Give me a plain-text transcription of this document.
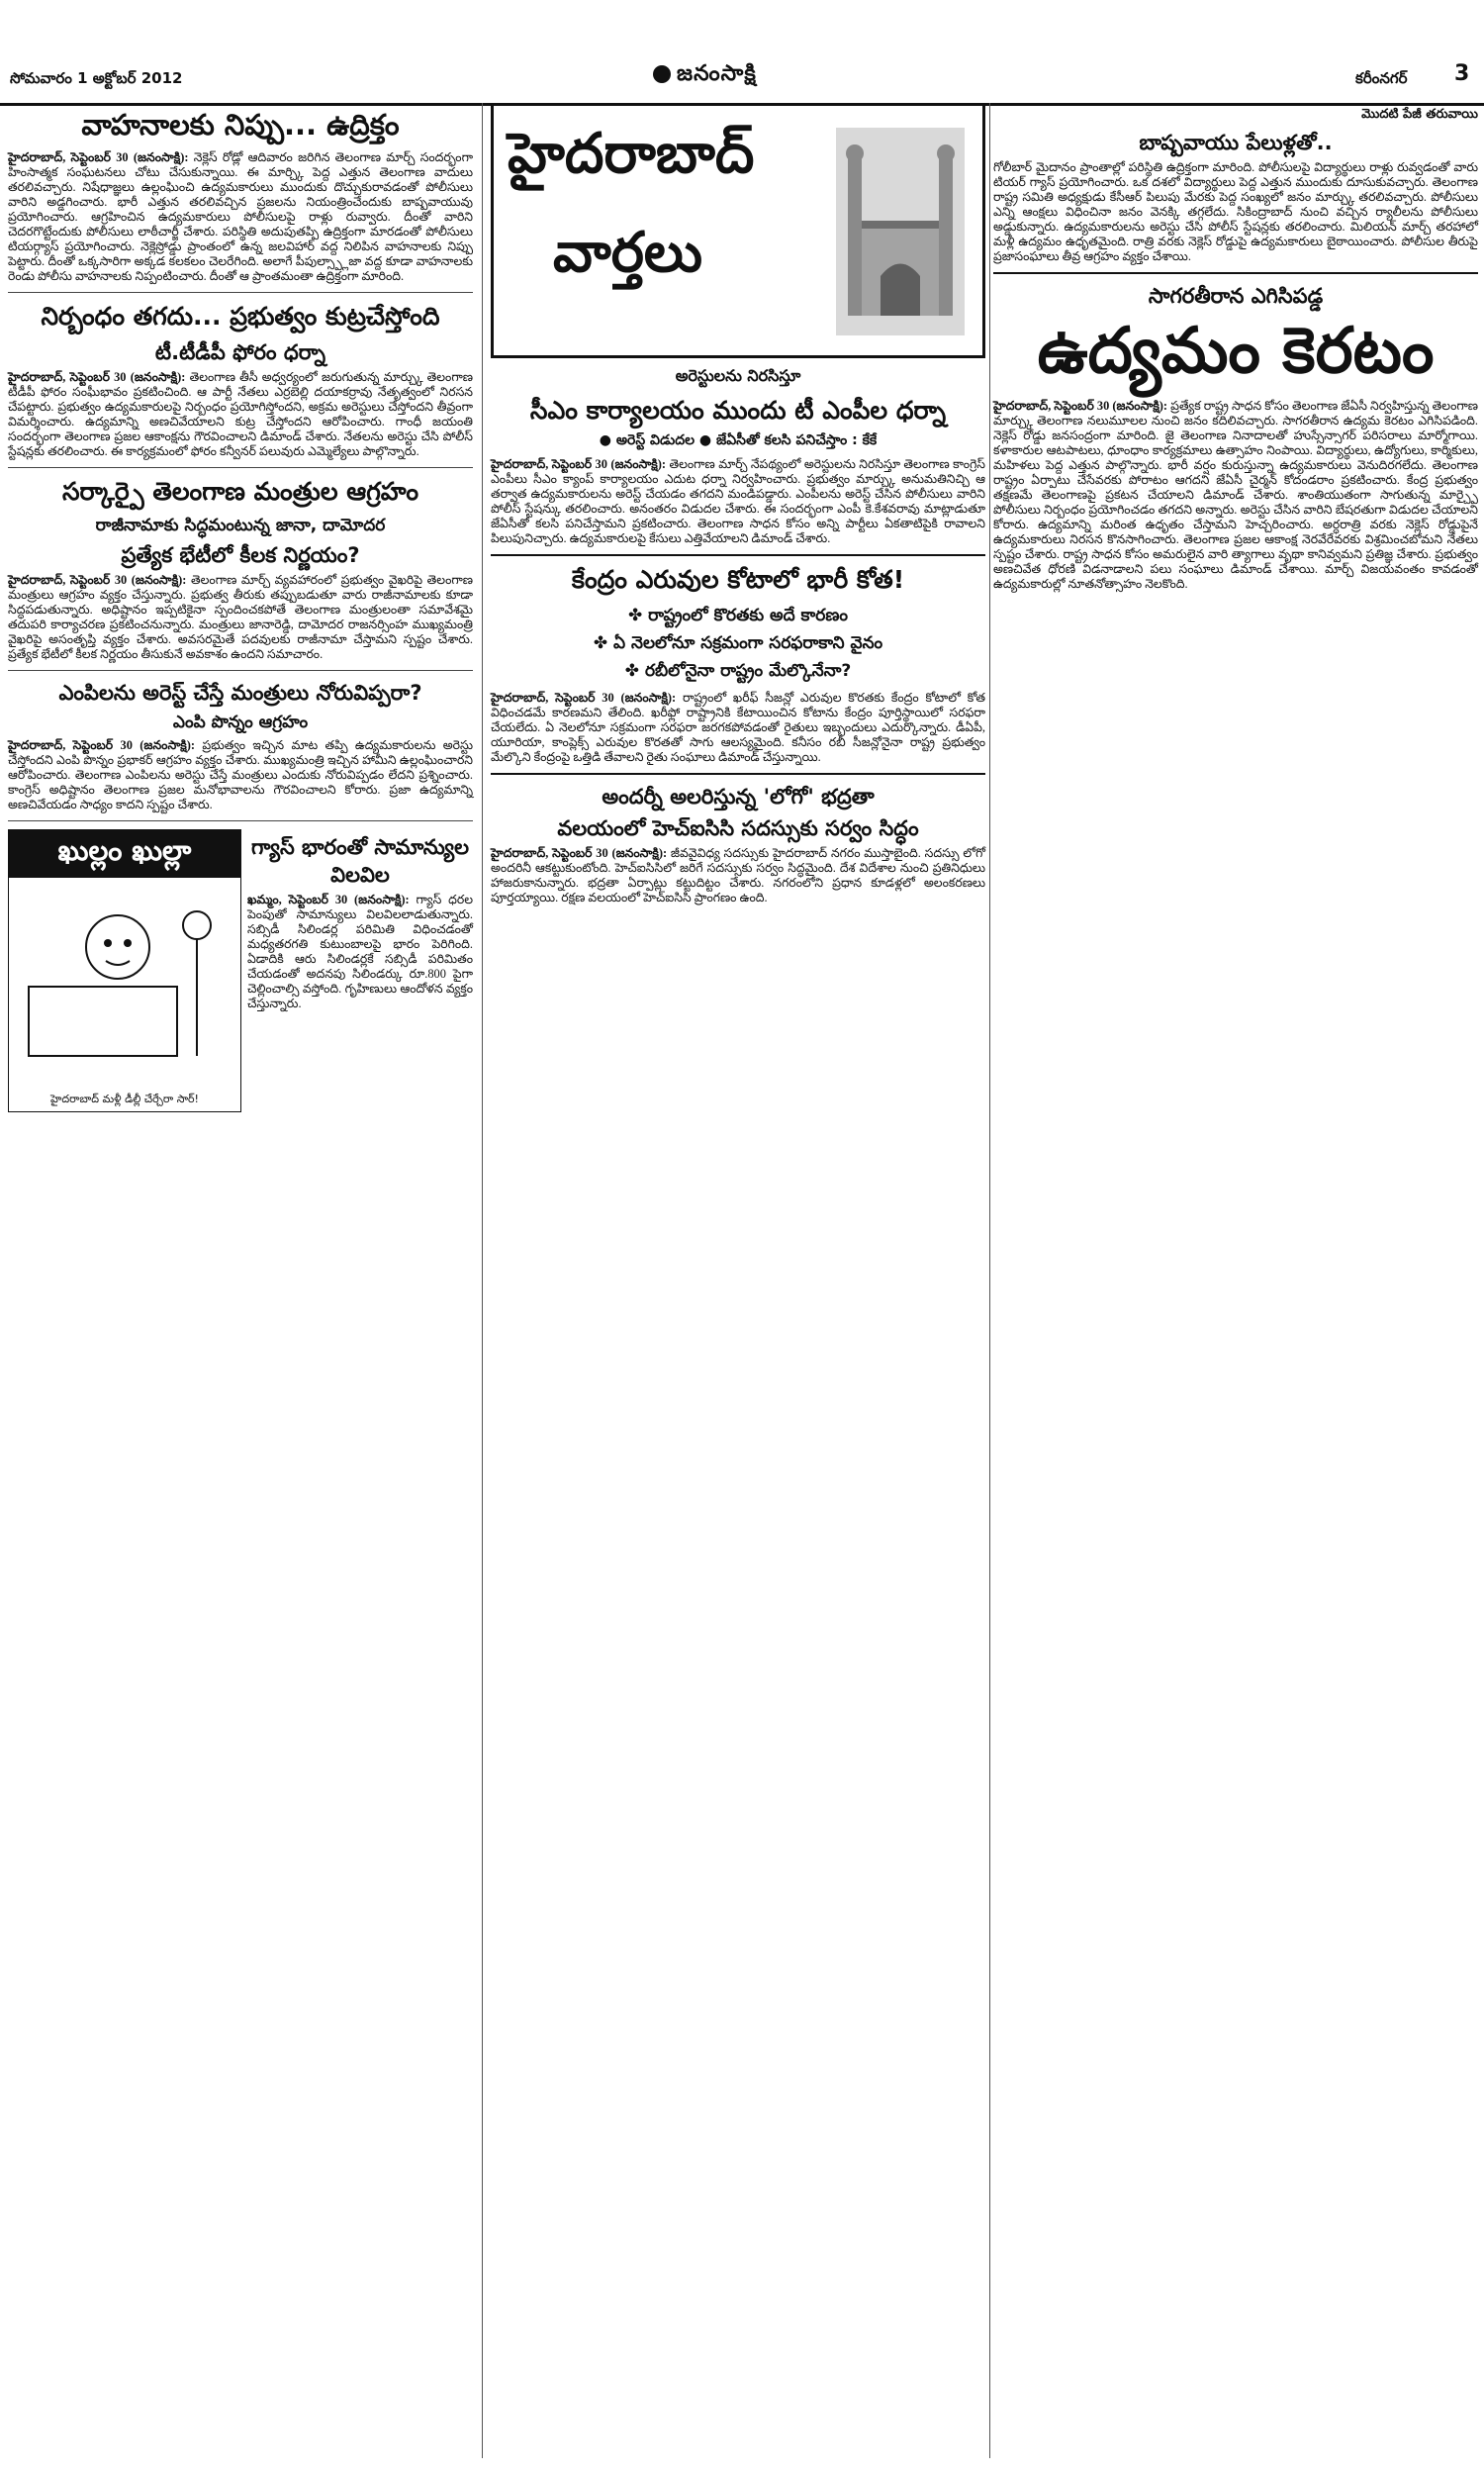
సోమవారం 1 అక్టోబర్ 2012	జనంసాక్షి	కరీంనగర్ 3
వాహనాలకు నిప్పు... ఉద్రిక్తం

హైదరాబాద్, సెప్టెంబర్ 30 (జనంసాక్షి): నెక్లెస్ రోడ్లో ఆదివారం జరిగిన తెలంగాణ మార్చ్ సందర్భంగా హింసాత్మక సంఘటనలు చోటు చేసుకున్నాయి. ఈ మార్చ్కి పెద్ద ఎత్తున తెలంగాణ వాదులు తరలివచ్చారు. నిషేధాజ్ఞలు ఉల్లంఘించి ఉద్యమకారులు ముందుకు దొచ్చుకురావడంతో పోలీసులు వారిని అడ్డగించారు. భారీ ఎత్తున తరలివచ్చిన ప్రజలను నియంత్రించేందుకు బాష్పవాయువు ప్రయోగించారు. ఆగ్రహించిన ఉద్యమకారులు పోలీసులపై రాళ్లు రువ్వారు. దీంతో వారిని చెదరగొట్టేందుకు పోలీసులు లాఠీచార్జీ చేశారు. పరిస్థితి అదుపుతప్పి ఉద్రిక్తంగా మారడంతో పోలీసులు టియర్గ్యాస్ ప్రయోగించారు. నెక్లెస్రోడ్డు ప్రాంతంలో ఉన్న జలవిహార్ వద్ద నిలిపిన వాహనాలకు నిప్పు పెట్టారు. దీంతో ఒక్కసారిగా అక్కడ కలకలం చెలరేగింది. అలాగే పీపుల్స్ప్లాజా వద్ద కూడా వాహనాలకు రెండు పోలీసు వాహనాలకు నిప్పంటించారు. దీంతో ఆ ప్రాంతమంతా ఉద్రిక్తంగా మారింది.

నిర్బంధం తగదు... ప్రభుత్వం కుట్రచేస్తోంది
టీ.టీడీపీ ఫోరం ధర్నా

హైదరాబాద్, సెప్టెంబర్ 30 (జనంసాక్షి): తెలంగాణ తీసీ అధ్వర్యంలో జరుగుతున్న మార్చ్కు తెలంగాణ టీడీపీ ఫోరం సంఘీభావం ప్రకటించింది. ఆ పార్టీ నేతలు ఎర్రబెల్లి దయాకర్రావు నేతృత్వంలో నిరసన చేపట్టారు. ప్రభుత్వం ఉద్యమకారులపై నిర్బంధం ప్రయోగిస్తోందని, అక్రమ అరెస్టులు చేస్తోందని తీవ్రంగా విమర్శించారు. ఉద్యమాన్ని అణచివేయాలని కుట్ర చేస్తోందని ఆరోపించారు. గాంధీ జయంతి సందర్భంగా తెలంగాణ ప్రజల ఆకాంక్షను గౌరవించాలని డిమాండ్ చేశారు. నేతలను అరెస్టు చేసి పోలీస్ స్టేషన్లకు తరలించారు. ఈ కార్యక్రమంలో ఫోరం కన్వీనర్ పలువురు ఎమ్మెల్యేలు పాల్గొన్నారు.

సర్కార్పై తెలంగాణ మంత్రుల ఆగ్రహం
రాజీనామాకు సిద్ధమంటున్న జానా, దామోదర
ప్రత్యేక భేటీలో కీలక నిర్ణయం?

హైదరాబాద్, సెప్టెంబర్ 30 (జనంసాక్షి): తెలంగాణ మార్చ్ వ్యవహారంలో ప్రభుత్వం వైఖరిపై తెలంగాణ మంత్రులు ఆగ్రహం వ్యక్తం చేస్తున్నారు. ప్రభుత్వ తీరుకు తప్పుబడుతూ వారు రాజీనామాలకు కూడా సిద్ధపడుతున్నారు. అధిష్టానం ఇప్పటికైనా స్పందించకపోతే తెలంగాణ మంత్రులంతా సమావేశమై తదుపరి కార్యాచరణ ప్రకటించనున్నారు. మంత్రులు జానారెడ్డి, దామోదర రాజనర్సింహ ముఖ్యమంత్రి వైఖరిపై అసంతృప్తి వ్యక్తం చేశారు. అవసరమైతే పదవులకు రాజీనామా చేస్తామని స్పష్టం చేశారు. ప్రత్యేక భేటీలో కీలక నిర్ణయం తీసుకునే అవకాశం ఉందని సమాచారం.

ఎంపిలను అరెస్ట్ చేస్తే మంత్రులు నోరువిప్పరా?
ఎంపి పొన్నం ఆగ్రహం

హైదరాబాద్, సెప్టెంబర్ 30 (జనంసాక్షి): ప్రభుత్వం ఇచ్చిన మాట తప్పి ఉద్యమకారులను అరెస్టు చేస్తోందని ఎంపి పొన్నం ప్రభాకర్ ఆగ్రహం వ్యక్తం చేశారు. ముఖ్యమంత్రి ఇచ్చిన హామీని ఉల్లంఘించారని ఆరోపించారు. తెలంగాణ ఎంపిలను అరెస్టు చేస్తే మంత్రులు ఎందుకు నోరువిప్పడం లేదని ప్రశ్నించారు. కాంగ్రెస్ అధిష్టానం తెలంగాణ ప్రజల మనోభావాలను గౌరవించాలని కోరారు. ప్రజా ఉద్యమాన్ని అణచివేయడం సాధ్యం కాదని స్పష్టం చేశారు.

ఖుల్లం ఖుల్లా
హైదరాబాద్ మళ్లీ డీల్లీ చేర్చేరా సార్!
గ్యాస్ భారంతో సామాన్యుల విలవిల

ఖమ్మం, సెప్టెంబర్ 30 (జనంసాక్షి): గ్యాస్ ధరల పెంపుతో సామాన్యులు విలవిలలాడుతున్నారు. సబ్సిడీ సిలిండర్ల పరిమితి విధించడంతో మధ్యతరగతి కుటుంబాలపై భారం పెరిగింది. ఏడాదికి ఆరు సిలిండర్లకే సబ్సిడీ పరిమితం చేయడంతో అదనపు సిలిండర్కు రూ.800 పైగా చెల్లించాల్సి వస్తోంది. గృహిణులు ఆందోళన వ్యక్తం చేస్తున్నారు.

హైదరాబాద్
వార్తలు
అరెస్టులను నిరసిస్తూ
సీఎం కార్యాలయం ముందు టీ ఎంపీల ధర్నా
● అరెస్ట్ విడుదల ● జేఏసీతో కలసి పనిచేస్తాం : కేకే

హైదరాబాద్, సెప్టెంబర్ 30 (జనంసాక్షి): తెలంగాణ మార్చ్ నేపథ్యంలో అరెస్టులను నిరసిస్తూ తెలంగాణ కాంగ్రెస్ ఎంపీలు సీఎం క్యాంప్ కార్యాలయం ఎదుట ధర్నా నిర్వహించారు. ప్రభుత్వం మార్చ్కు అనుమతినిచ్చి ఆ తర్వాత ఉద్యమకారులను అరెస్ట్ చేయడం తగదని మండిపడ్డారు. ఎంపీలను అరెస్ట్ చేసిన పోలీసులు వారిని పోలీస్ స్టేషన్కు తరలించారు. అనంతరం విడుదల చేశారు. ఈ సందర్భంగా ఎంపీ కె.కేశవరావు మాట్లాడుతూ జేఏసీతో కలసి పనిచేస్తామని ప్రకటించారు. తెలంగాణ సాధన కోసం అన్ని పార్టీలు ఏకతాటిపైకి రావాలని పిలుపునిచ్చారు. ఉద్యమకారులపై కేసులు ఎత్తివేయాలని డిమాండ్ చేశారు.

కేంద్రం ఎరువుల కోటాలో భారీ కోత!
✤ రాష్ట్రంలో కొరతకు అదే కారణం
✤ ఏ నెలలోనూ సక్రమంగా సరఫరాకాని వైనం
✤ రబీలోనైనా రాష్ట్రం మేల్కొనేనా?

హైదరాబాద్, సెప్టెంబర్ 30 (జనంసాక్షి): రాష్ట్రంలో ఖరీఫ్ సీజన్లో ఎరువుల కొరతకు కేంద్రం కోటాలో కోత విధించడమే కారణమని తేలింది. ఖరీఫ్లో రాష్ట్రానికి కేటాయించిన కోటాను కేంద్రం పూర్తిస్థాయిలో సరఫరా చేయలేదు. ఏ నెలలోనూ సక్రమంగా సరఫరా జరగకపోవడంతో రైతులు ఇబ్బందులు ఎదుర్కొన్నారు. డీఏపీ, యూరియా, కాంప్లెక్స్ ఎరువుల కొరతతో సాగు ఆలస్యమైంది. కనీసం రబీ సీజన్లోనైనా రాష్ట్ర ప్రభుత్వం మేల్కొని కేంద్రంపై ఒత్తిడి తేవాలని రైతు సంఘాలు డిమాండ్ చేస్తున్నాయి.

అందర్నీ అలరిస్తున్న 'లోగో' భద్రతా
వలయంలో హెచ్ఐసిసి సదస్సుకు సర్వం సిద్ధం

హైదరాబాద్, సెప్టెంబర్ 30 (జనంసాక్షి): జీవవైవిధ్య సదస్సుకు హైదరాబాద్ నగరం ముస్తాబైంది. సదస్సు లోగో అందరినీ ఆకట్టుకుంటోంది. హెచ్ఐసిసిలో జరిగే సదస్సుకు సర్వం సిద్ధమైంది. దేశ విదేశాల నుంచి ప్రతినిధులు హాజరుకానున్నారు. భద్రతా ఏర్పాట్లు కట్టుదిట్టం చేశారు. నగరంలోని ప్రధాన కూడళ్లలో అలంకరణలు పూర్తయ్యాయి. రక్షణ వలయంలో హెచ్ఐసిసి ప్రాంగణం ఉంది.

మొదటి పేజీ తరువాయి
బాష్పవాయు పేలుళ్లతో..

గోలీబార్ మైదానం ప్రాంతాల్లో పరిస్థితి ఉద్రిక్తంగా మారింది. పోలీసులపై విద్యార్థులు రాళ్లు రువ్వడంతో వారు టియర్ గ్యాస్ ప్రయోగించారు. ఒక దశలో విద్యార్థులు పెద్ద ఎత్తున ముందుకు దూసుకువచ్చారు. తెలంగాణ రాష్ట్ర సమితి అధ్యక్షుడు కేసీఆర్ పిలుపు మేరకు పెద్ద సంఖ్యలో జనం మార్చ్కు తరలివచ్చారు. పోలీసులు ఎన్ని ఆంక్షలు విధించినా జనం వెనక్కి తగ్గలేదు. సికింద్రాబాద్ నుంచి వచ్చిన ర్యాలీలను పోలీసులు అడ్డుకున్నారు. ఉద్యమకారులను అరెస్టు చేసి పోలీస్ స్టేషన్లకు తరలించారు. మిలియన్ మార్చ్ తరహాలో మళ్లీ ఉద్యమం ఉధృతమైంది. రాత్రి వరకు నెక్లెస్ రోడ్డుపై ఉద్యమకారులు బైఠాయించారు. పోలీసుల తీరుపై ప్రజాసంఘాలు తీవ్ర ఆగ్రహం వ్యక్తం చేశాయి.

సాగరతీరాన ఎగిసిపడ్డ
ఉద్యమం కెరటం

హైదరాబాద్, సెప్టెంబర్ 30 (జనంసాక్షి): ప్రత్యేక రాష్ట్ర సాధన కోసం తెలంగాణ జేఏసీ నిర్వహిస్తున్న తెలంగాణ మార్చ్కు తెలంగాణ నలుమూలల నుంచి జనం కదిలివచ్చారు. సాగరతీరాన ఉద్యమ కెరటం ఎగిసిపడింది. నెక్లెస్ రోడ్డు జనసంద్రంగా మారింది. జై తెలంగాణ నినాదాలతో హుస్సేన్సాగర్ పరిసరాలు మార్మోగాయి. కళాకారుల ఆటపాటలు, ధూంధాం కార్యక్రమాలు ఉత్సాహం నింపాయి. విద్యార్థులు, ఉద్యోగులు, కార్మికులు, మహిళలు పెద్ద ఎత్తున పాల్గొన్నారు. భారీ వర్షం కురుస్తున్నా ఉద్యమకారులు వెనుదిరగలేదు. తెలంగాణ రాష్ట్రం ఏర్పాటు చేసేవరకు పోరాటం ఆగదని జేఏసీ చైర్మన్ కోదండరాం ప్రకటించారు. కేంద్ర ప్రభుత్వం తక్షణమే తెలంగాణపై ప్రకటన చేయాలని డిమాండ్ చేశారు. శాంతియుతంగా సాగుతున్న మార్చ్పై పోలీసులు నిర్బంధం ప్రయోగించడం తగదని అన్నారు. అరెస్టు చేసిన వారిని బేషరతుగా విడుదల చేయాలని కోరారు. ఉద్యమాన్ని మరింత ఉధృతం చేస్తామని హెచ్చరించారు. అర్ధరాత్రి వరకు నెక్లెస్ రోడ్డుపైనే ఉద్యమకారులు నిరసన కొనసాగించారు. తెలంగాణ ప్రజల ఆకాంక్ష నెరవేరేవరకు విశ్రమించబోమని నేతలు స్పష్టం చేశారు. రాష్ట్ర సాధన కోసం అమరులైన వారి త్యాగాలు వృథా కానివ్వమని ప్రతిజ్ఞ చేశారు. ప్రభుత్వం అణచివేత ధోరణి విడనాడాలని పలు సంఘాలు డిమాండ్ చేశాయి. మార్చ్ విజయవంతం కావడంతో ఉద్యమకారుల్లో నూతనోత్సాహం నెలకొంది.
